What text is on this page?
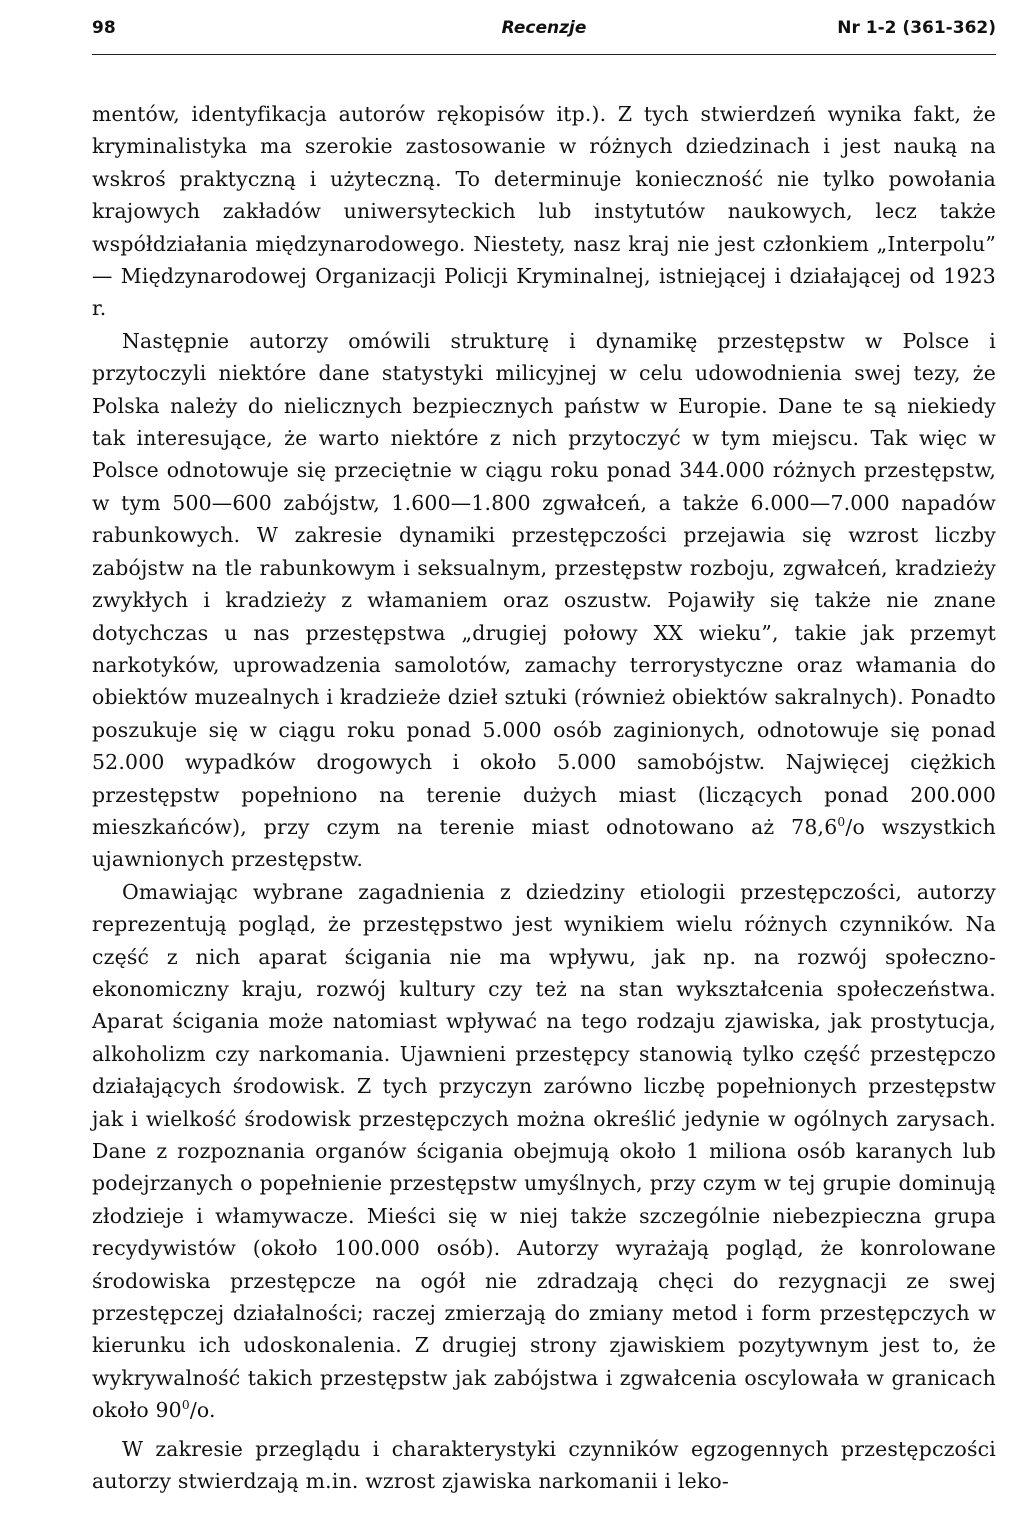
98	Recenzje	Nr 1-2 (361-362)

mentów, identyfikacja autorów rękopisów itp.). Z tych stwierdzeń wynika fakt, że kryminalistyka ma szerokie zastosowanie w różnych dziedzinach i jest nauką na wskroś praktyczną i użyteczną. To determinuje konieczność nie tylko powołania krajowych zakładów uniwersyteckich lub instytutów naukowych, lecz także współdziałania międzynarodowego. Niestety, nasz kraj nie jest członkiem „Interpolu” — Międzynarodowej Organizacji Policji Kryminalnej, istniejącej i działającej od 1923 r.

Następnie autorzy omówili strukturę i dynamikę przestępstw w Polsce i przytoczyli niektóre dane statystyki milicyjnej w celu udowodnienia swej tezy, że Polska należy do nielicznych bezpiecznych państw w Europie. Dane te są niekiedy tak interesujące, że warto niektóre z nich przytoczyć w tym miejscu. Tak więc w Polsce odnotowuje się przeciętnie w ciągu roku ponad 344.000 różnych przestępstw, w tym 500—600 zabójstw, 1.600—1.800 zgwałceń, a także 6.000—7.000 napadów rabunkowych. W zakresie dynamiki przestępczości przejawia się wzrost liczby zabójstw na tle rabunkowym i seksualnym, przestępstw rozboju, zgwałceń, kradzieży zwykłych i kradzieży z włamaniem oraz oszustw. Pojawiły się także nie znane dotychczas u nas przestępstwa „drugiej połowy XX wieku”, takie jak przemyt narkotyków, uprowadzenia samolotów, zamachy terrorystyczne oraz włamania do obiektów muzealnych i kradzieże dzieł sztuki (również obiektów sakralnych). Ponadto poszukuje się w ciągu roku ponad 5.000 osób zaginionych, odnotowuje się ponad 52.000 wypadków drogowych i około 5.000 samobójstw. Najwięcej ciężkich przestępstw popełniono na terenie dużych miast (liczących ponad 200.000 mieszkańców), przy czym na terenie miast odnotowano aż 78,6$^0$/o wszystkich ujawnionych przestępstw.

Omawiając wybrane zagadnienia z dziedziny etiologii przestępczości, autorzy reprezentują pogląd, że przestępstwo jest wynikiem wielu różnych czynników. Na część z nich aparat ścigania nie ma wpływu, jak np. na rozwój społeczno-ekonomiczny kraju, rozwój kultury czy też na stan wykształcenia społeczeństwa. Aparat ścigania może natomiast wpływać na tego rodzaju zjawiska, jak prostytucja, alkoholizm czy narkomania. Ujawnieni przestępcy stanowią tylko część przestępczo działających środowisk. Z tych przyczyn zarówno liczbę popełnionych przestępstw jak i wielkość środowisk przestępczych można określić jedynie w ogólnych zarysach. Dane z rozpoznania organów ścigania obejmują około 1 miliona osób karanych lub podejrzanych o popełnienie przestępstw umyślnych, przy czym w tej grupie dominują złodzieje i włamywacze. Mieści się w niej także szczególnie niebezpieczna grupa recydywistów (około 100.000 osób). Autorzy wyrażają pogląd, że konrolowane środowiska przestępcze na ogół nie zdradzają chęci do rezygnacji ze swej przestępczej działalności; raczej zmierzają do zmiany metod i form przestępczych w kierunku ich udoskonalenia. Z drugiej strony zjawiskiem pozytywnym jest to, że wykrywalność takich przestępstw jak zabójstwa i zgwałcenia oscylowała w granicach około $90^0/o$.

W zakresie przeglądu i charakterystyki czynników egzogennych przestępczości autorzy stwierdzają m.in. wzrost zjawiska narkomanii i leko-
